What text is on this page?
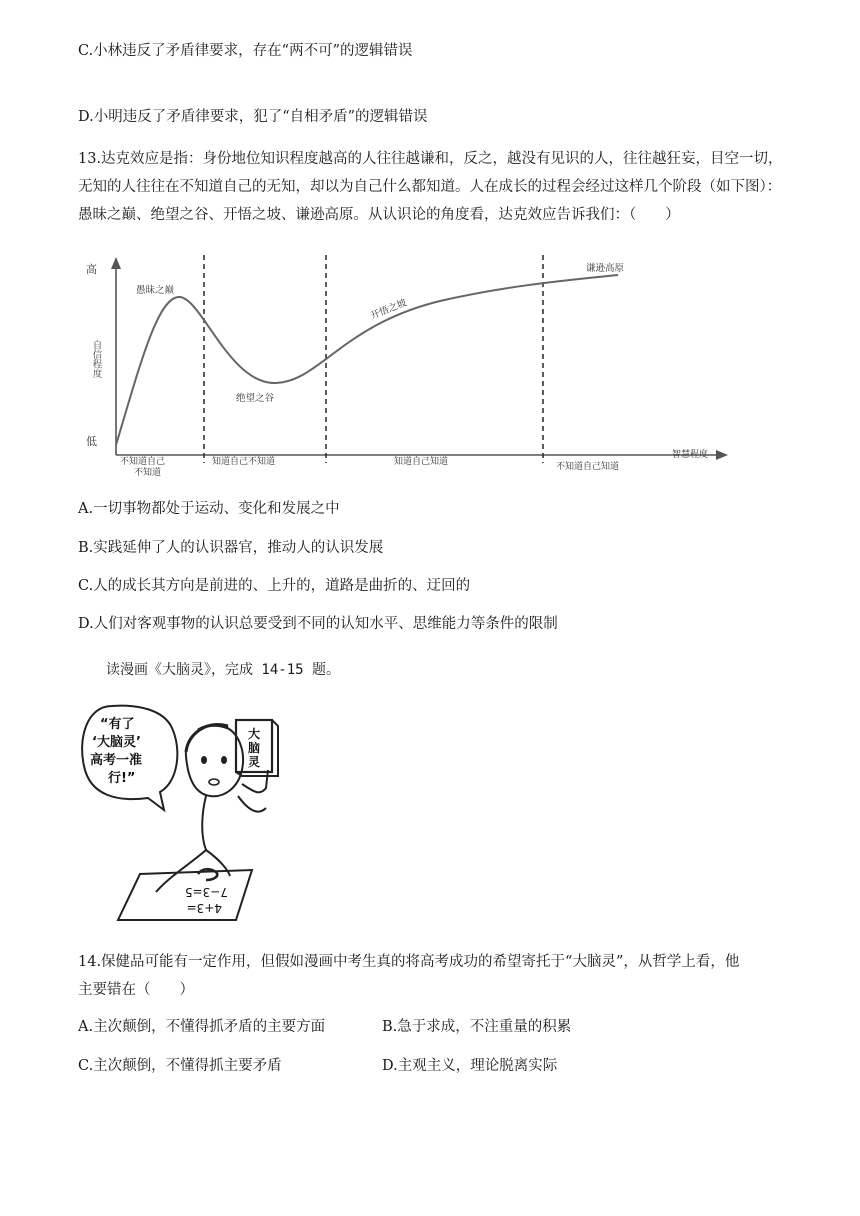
C.小林违反了矛盾律要求，存在“两不可”的逻辑错误
D.小明违反了矛盾律要求，犯了“自相矛盾”的逻辑错误
13.达克效应是指：身份地位知识程度越高的人往往越谦和，反之，越没有见识的人，往往越狂妄，目空一切，无知的人往往在不知道自己的无知，却以为自己什么都知道。人在成长的过程会经过这样几个阶段（如下图）：愚昧之巅、绝望之谷、开悟之坡、谦逊高原。从认识论的角度看，达克效应告诉我们：（　　）
高
低
自信程度
愚昧之巅
绝望之谷
开悟之坡
谦逊高原
不知道自己
不知道
知道自己不知道	知道自己知道	不知道自己知道
智慧程度
A.一切事物都处于运动、变化和发展之中
B.实践延伸了人的认识器官，推动人的认识发展
C.人的成长其方向是前进的、上升的，道路是曲折的、迂回的
D.人们对客观事物的认识总要受到不同的认知水平、思维能力等条件的限制
读漫画《大脑灵》，完成 14-15 题。
“有了
‘大脑灵’
高考一准
行!”
大
脑
灵
4+3=
7−3=5
14.保健品可能有一定作用，但假如漫画中考生真的将高考成功的希望寄托于“大脑灵”，从哲学上看，他
主要错在（　　）
A.主次颠倒，不懂得抓矛盾的主要方面	B.急于求成，不注重量的积累
C.主次颠倒，不懂得抓主要矛盾	D.主观主义，理论脱离实际
